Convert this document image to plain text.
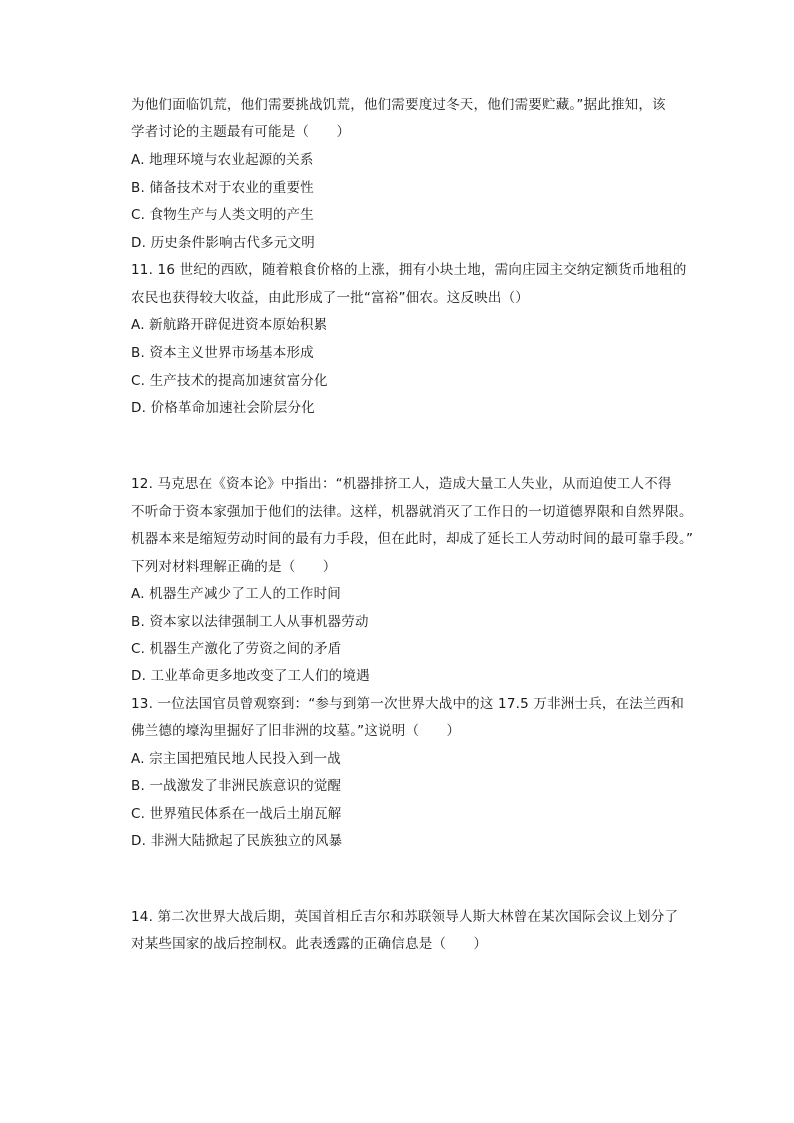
为他们面临饥荒，他们需要挑战饥荒，他们需要度过冬天，他们需要贮藏。”据此推知，该
学者讨论的主题最有可能是（　　）
A. 地理环境与农业起源的关系
B. 储备技术对于农业的重要性
C. 食物生产与人类文明的产生
D. 历史条件影响古代多元文明
11. 16 世纪的西欧，随着粮食价格的上涨，拥有小块土地，需向庄园主交纳定额货币地租的
农民也获得较大收益，由此形成了一批“富裕”佃农。这反映出（）
A. 新航路开辟促进资本原始积累
B. 资本主义世界市场基本形成
C. 生产技术的提高加速贫富分化
D. 价格革命加速社会阶层分化
12. 马克思在《资本论》中指出：“机器排挤工人，造成大量工人失业，从而迫使工人不得
不听命于资本家强加于他们的法律。这样，机器就消灭了工作日的一切道德界限和自然界限。
机器本来是缩短劳动时间的最有力手段，但在此时，却成了延长工人劳动时间的最可靠手段。”
下列对材料理解正确的是（　　）
A. 机器生产减少了工人的工作时间
B. 资本家以法律强制工人从事机器劳动
C. 机器生产激化了劳资之间的矛盾
D. 工业革命更多地改变了工人们的境遇
13. 一位法国官员曾观察到：“参与到第一次世界大战中的这 17.5 万非洲士兵，在法兰西和
佛兰德的壕沟里掘好了旧非洲的坟墓。”这说明（　　）
A. 宗主国把殖民地人民投入到一战
B. 一战激发了非洲民族意识的觉醒
C. 世界殖民体系在一战后土崩瓦解
D. 非洲大陆掀起了民族独立的风暴
14. 第二次世界大战后期，英国首相丘吉尔和苏联领导人斯大林曾在某次国际会议上划分了
对某些国家的战后控制权。此表透露的正确信息是（　　）
